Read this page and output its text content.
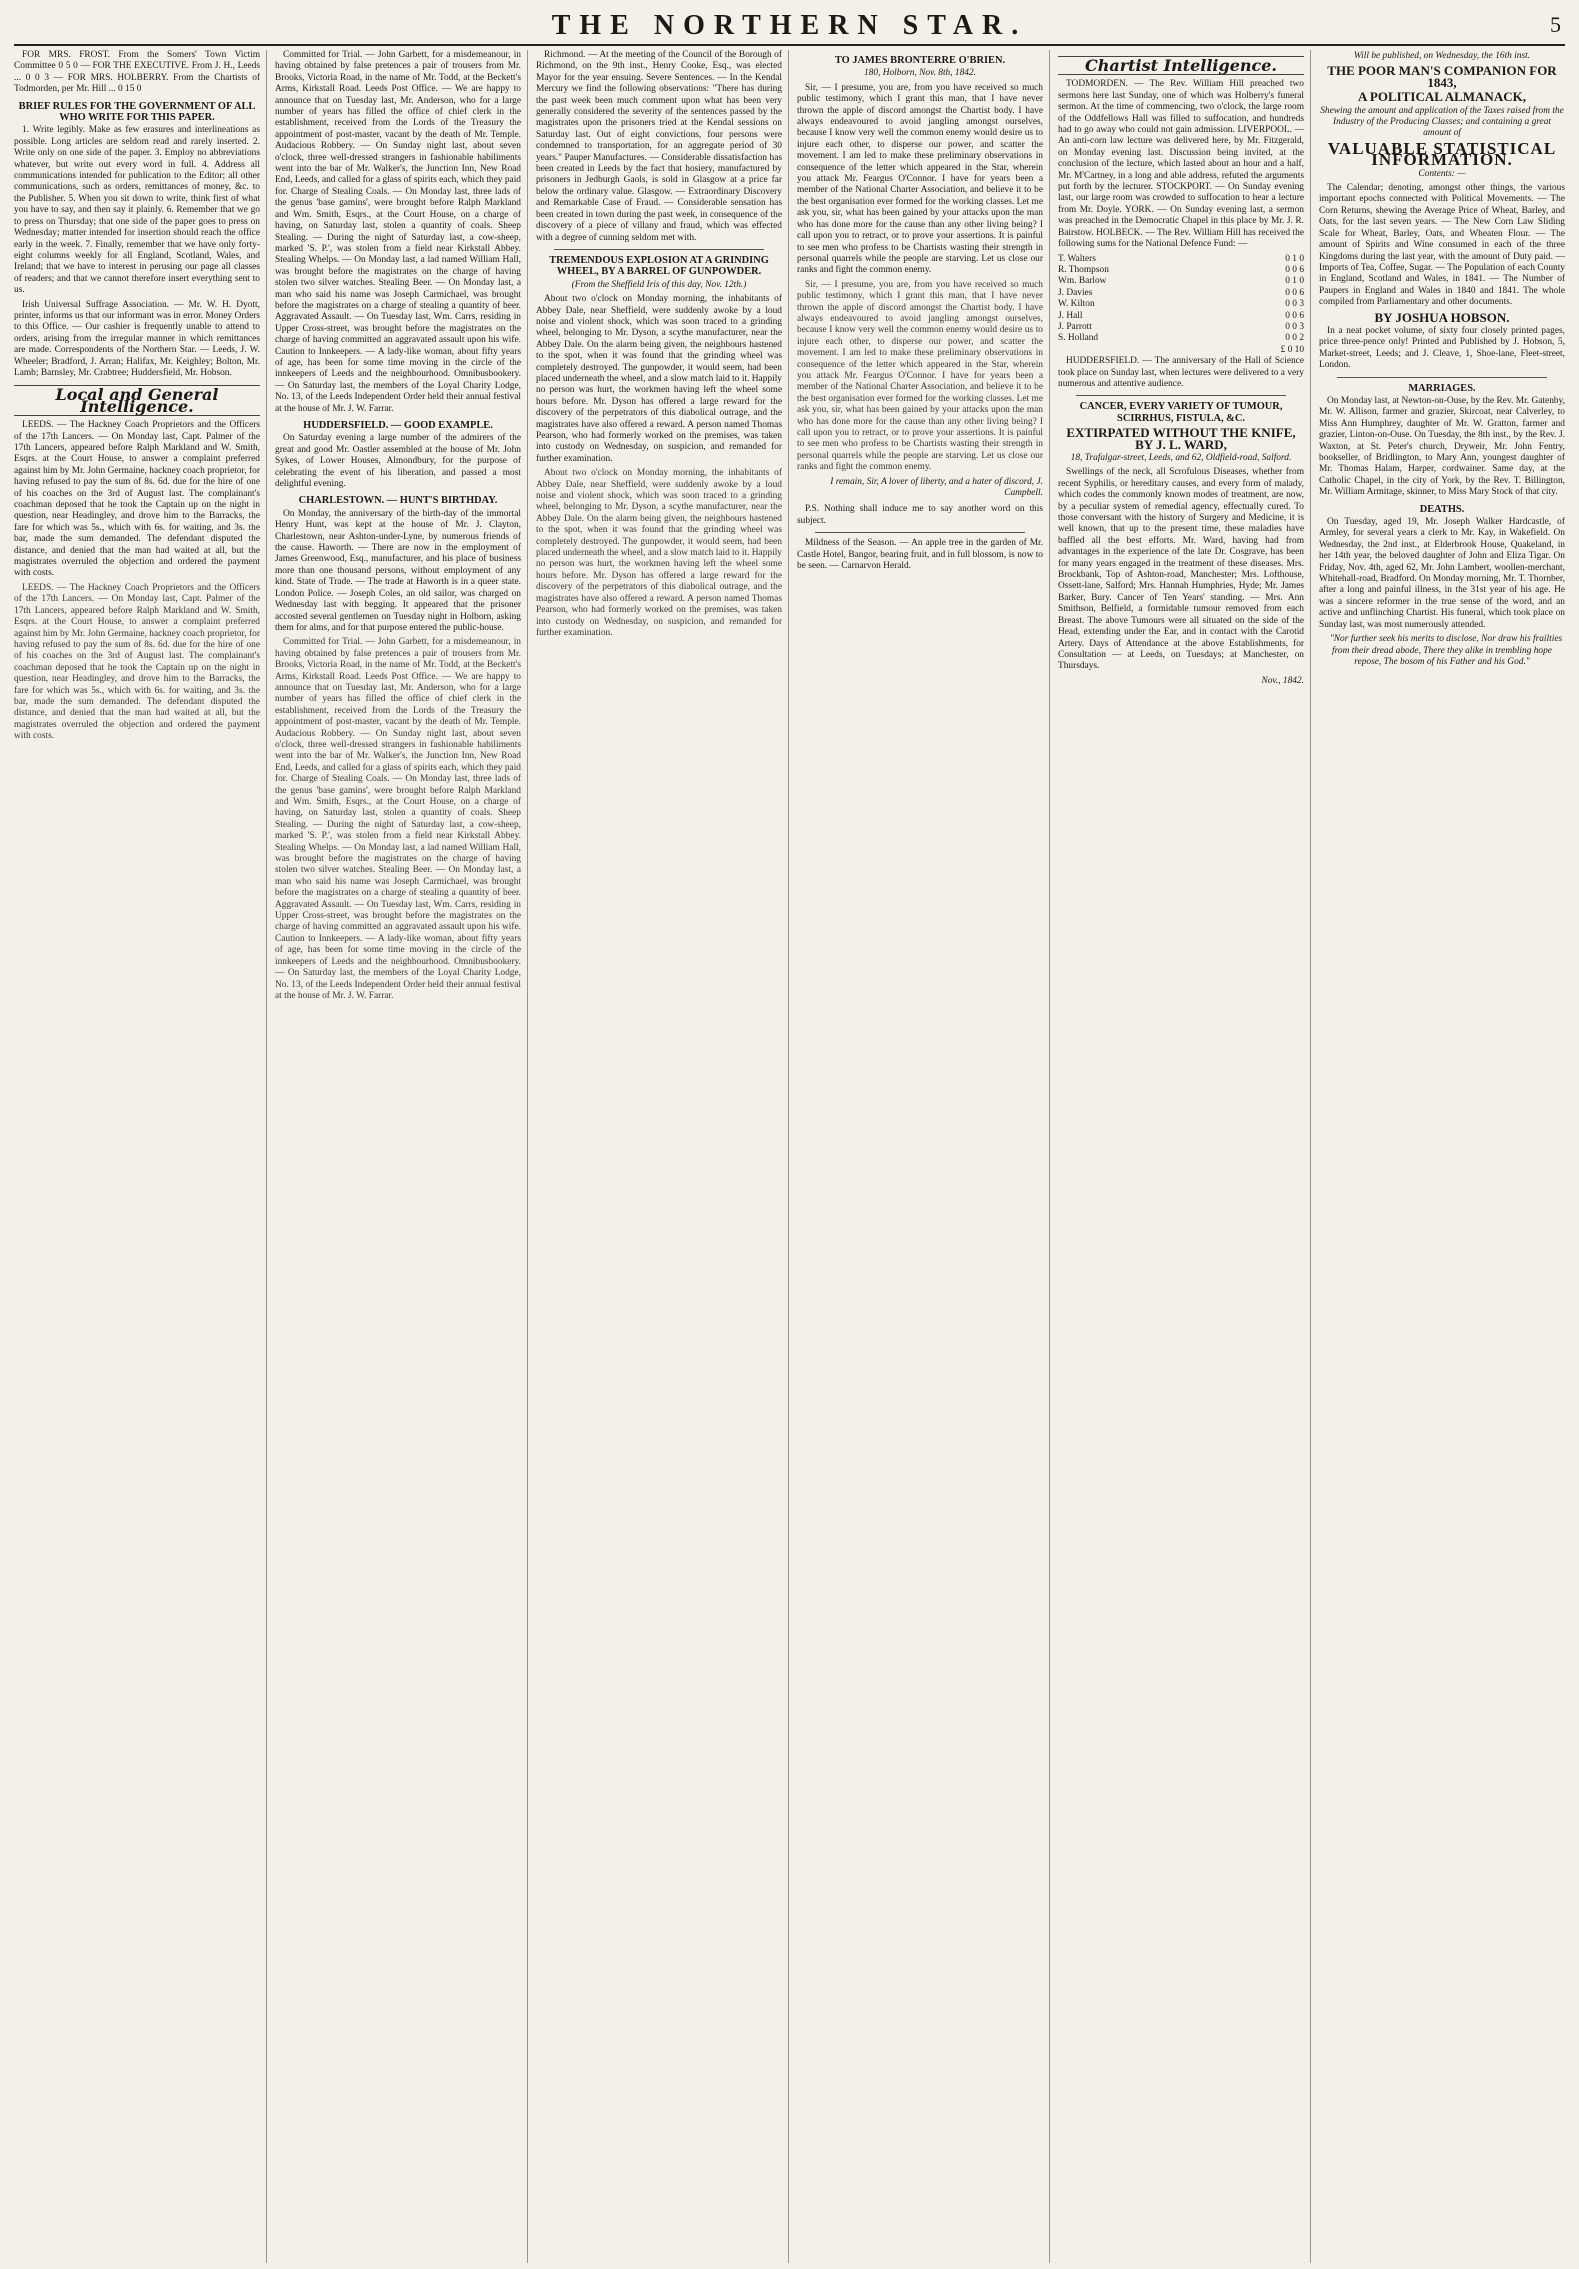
THE NORTHERN STAR.	5

FOR MRS. FROST. From the Somers' Town Victim Committee 0 5 0 — FOR THE EXECUTIVE. From J. H., Leeds ... 0 0 3 — FOR MRS. HOLBERRY. From the Chartists of Todmorden, per Mr. Hill ... 0 15 0

BRIEF RULES FOR THE GOVERNMENT OF ALL WHO WRITE FOR THIS PAPER.

1. Write legibly. Make as few erasures and interlineations as possible. Long articles are seldom read and rarely inserted. 2. Write only on one side of the paper. 3. Employ no abbreviations whatever, but write out every word in full. 4. Address all communications intended for publication to the Editor; all other communications, such as orders, remittances of money, &c. to the Publisher. 5. When you sit down to write, think first of what you have to say, and then say it plainly. 6. Remember that we go to press on Thursday; that one side of the paper goes to press on Wednesday; matter intended for insertion should reach the office early in the week. 7. Finally, remember that we have only forty-eight columns weekly for all England, Scotland, Wales, and Ireland; that we have to interest in perusing our page all classes of readers; and that we cannot therefore insert everything sent to us.

Irish Universal Suffrage Association. — Mr. W. H. Dyott, printer, informs us that our informant was in error. Money Orders to this Office. — Our cashier is frequently unable to attend to orders, arising from the irregular manner in which remittances are made. Correspondents of the Northern Star. — Leeds, J. W. Wheeler; Bradford, J. Arran; Halifax, Mr. Keighley; Bolton, Mr. Lamb; Barnsley, Mr. Crabtree; Huddersfield, Mr. Hobson.

Local and General Intelligence.

LEEDS. — The Hackney Coach Proprietors and the Officers of the 17th Lancers. — On Monday last, Capt. Palmer of the 17th Lancers, appeared before Ralph Markland and W. Smith, Esqrs. at the Court House, to answer a complaint preferred against him by Mr. John Germaine, hackney coach proprietor, for having refused to pay the sum of 8s. 6d. due for the hire of one of his coaches on the 3rd of August last. The complainant's coachman deposed that he took the Captain up on the night in question, near Headingley, and drove him to the Barracks, the fare for which was 5s., which with 6s. for waiting, and 3s. the bar, made the sum demanded. The defendant disputed the distance, and denied that the man had waited at all, but the magistrates overruled the objection and ordered the payment with costs.

LEEDS. — The Hackney Coach Proprietors and the Officers of the 17th Lancers. — On Monday last, Capt. Palmer of the 17th Lancers, appeared before Ralph Markland and W. Smith, Esqrs. at the Court House, to answer a complaint preferred against him by Mr. John Germaine, hackney coach proprietor, for having refused to pay the sum of 8s. 6d. due for the hire of one of his coaches on the 3rd of August last. The complainant's coachman deposed that he took the Captain up on the night in question, near Headingley, and drove him to the Barracks, the fare for which was 5s., which with 6s. for waiting, and 3s. the bar, made the sum demanded. The defendant disputed the distance, and denied that the man had waited at all, but the magistrates overruled the objection and ordered the payment with costs.

Committed for Trial. — John Garbett, for a misdemeanour, in having obtained by false pretences a pair of trousers from Mr. Brooks, Victoria Road, in the name of Mr. Todd, at the Beckett's Arms, Kirkstall Road. Leeds Post Office. — We are happy to announce that on Tuesday last, Mr. Anderson, who for a large number of years has filled the office of chief clerk in the establishment, received from the Lords of the Treasury the appointment of post-master, vacant by the death of Mr. Temple. Audacious Robbery. — On Sunday night last, about seven o'clock, three well-dressed strangers in fashionable habiliments went into the bar of Mr. Walker's, the Junction Inn, New Road End, Leeds, and called for a glass of spirits each, which they paid for. Charge of Stealing Coals. — On Monday last, three lads of the genus 'base gamins', were brought before Ralph Markland and Wm. Smith, Esqrs., at the Court House, on a charge of having, on Saturday last, stolen a quantity of coals. Sheep Stealing. — During the night of Saturday last, a cow-sheep, marked 'S. P.', was stolen from a field near Kirkstall Abbey. Stealing Whelps. — On Monday last, a lad named William Hall, was brought before the magistrates on the charge of having stolen two silver watches. Stealing Beer. — On Monday last, a man who said his name was Joseph Carmichael, was brought before the magistrates on a charge of stealing a quantity of beer. Aggravated Assault. — On Tuesday last, Wm. Carrs, residing in Upper Cross-street, was brought before the magistrates on the charge of having committed an aggravated assault upon his wife. Caution to Innkeepers. — A lady-like woman, about fifty years of age, has been for some time moving in the circle of the innkeepers of Leeds and the neighbourhood. Omnibusbookery. — On Saturday last, the members of the Loyal Charity Lodge, No. 13, of the Leeds Independent Order held their annual festival at the house of Mr. J. W. Farrar.

HUDDERSFIELD. — GOOD EXAMPLE.

On Saturday evening a large number of the admirers of the great and good Mr. Oastler assembled at the house of Mr. John Sykes, of Lower Houses, Almondbury, for the purpose of celebrating the event of his liberation, and passed a most delightful evening.

CHARLESTOWN. — HUNT'S BIRTHDAY.

On Monday, the anniversary of the birth-day of the immortal Henry Hunt, was kept at the house of Mr. J. Clayton, Charlestown, near Ashton-under-Lyne, by numerous friends of the cause. Haworth. — There are now in the employment of James Greenwood, Esq., manufacturer, and his place of business more than one thousand persons, without employment of any kind. State of Trade. — The trade at Haworth is in a queer state. London Police. — Joseph Coles, an old sailor, was charged on Wednesday last with begging. It appeared that the prisoner accosted several gentlemen on Tuesday night in Holborn, asking them for alms, and for that purpose entered the public-house.

Committed for Trial. — John Garbett, for a misdemeanour, in having obtained by false pretences a pair of trousers from Mr. Brooks, Victoria Road, in the name of Mr. Todd, at the Beckett's Arms, Kirkstall Road. Leeds Post Office. — We are happy to announce that on Tuesday last, Mr. Anderson, who for a large number of years has filled the office of chief clerk in the establishment, received from the Lords of the Treasury the appointment of post-master, vacant by the death of Mr. Temple. Audacious Robbery. — On Sunday night last, about seven o'clock, three well-dressed strangers in fashionable habiliments went into the bar of Mr. Walker's, the Junction Inn, New Road End, Leeds, and called for a glass of spirits each, which they paid for. Charge of Stealing Coals. — On Monday last, three lads of the genus 'base gamins', were brought before Ralph Markland and Wm. Smith, Esqrs., at the Court House, on a charge of having, on Saturday last, stolen a quantity of coals. Sheep Stealing. — During the night of Saturday last, a cow-sheep, marked 'S. P.', was stolen from a field near Kirkstall Abbey. Stealing Whelps. — On Monday last, a lad named William Hall, was brought before the magistrates on the charge of having stolen two silver watches. Stealing Beer. — On Monday last, a man who said his name was Joseph Carmichael, was brought before the magistrates on a charge of stealing a quantity of beer. Aggravated Assault. — On Tuesday last, Wm. Carrs, residing in Upper Cross-street, was brought before the magistrates on the charge of having committed an aggravated assault upon his wife. Caution to Innkeepers. — A lady-like woman, about fifty years of age, has been for some time moving in the circle of the innkeepers of Leeds and the neighbourhood. Omnibusbookery. — On Saturday last, the members of the Loyal Charity Lodge, No. 13, of the Leeds Independent Order held their annual festival at the house of Mr. J. W. Farrar.

Richmond. — At the meeting of the Council of the Borough of Richmond, on the 9th inst., Henry Cooke, Esq., was elected Mayor for the year ensuing. Severe Sentences. — In the Kendal Mercury we find the following observations: "There has during the past week been much comment upon what has been very generally considered the severity of the sentences passed by the magistrates upon the prisoners tried at the Kendal sessions on Saturday last. Out of eight convictions, four persons were condemned to transportation, for an aggregate period of 30 years." Pauper Manufactures. — Considerable dissatisfaction has been created in Leeds by the fact that hosiery, manufactured by prisoners in Jedburgh Gaols, is sold in Glasgow at a price far below the ordinary value. Glasgow. — Extraordinary Discovery and Remarkable Case of Fraud. — Considerable sensation has been created in town during the past week, in consequence of the discovery of a piece of villany and fraud, which was effected with a degree of cunning seldom met with.

TREMENDOUS EXPLOSION AT A GRINDING WHEEL, BY A BARREL OF GUNPOWDER.
(From the Sheffield Iris of this day, Nov. 12th.)

About two o'clock on Monday morning, the inhabitants of Abbey Dale, near Sheffield, were suddenly awoke by a loud noise and violent shock, which was soon traced to a grinding wheel, belonging to Mr. Dyson, a scythe manufacturer, near the Abbey Dale. On the alarm being given, the neighbours hastened to the spot, when it was found that the grinding wheel was completely destroyed. The gunpowder, it would seem, had been placed underneath the wheel, and a slow match laid to it. Happily no person was hurt, the workmen having left the wheel some hours before. Mr. Dyson has offered a large reward for the discovery of the perpetrators of this diabolical outrage, and the magistrates have also offered a reward. A person named Thomas Pearson, who had formerly worked on the premises, was taken into custody on Wednesday, on suspicion, and remanded for further examination.

About two o'clock on Monday morning, the inhabitants of Abbey Dale, near Sheffield, were suddenly awoke by a loud noise and violent shock, which was soon traced to a grinding wheel, belonging to Mr. Dyson, a scythe manufacturer, near the Abbey Dale. On the alarm being given, the neighbours hastened to the spot, when it was found that the grinding wheel was completely destroyed. The gunpowder, it would seem, had been placed underneath the wheel, and a slow match laid to it. Happily no person was hurt, the workmen having left the wheel some hours before. Mr. Dyson has offered a large reward for the discovery of the perpetrators of this diabolical outrage, and the magistrates have also offered a reward. A person named Thomas Pearson, who had formerly worked on the premises, was taken into custody on Wednesday, on suspicion, and remanded for further examination.

TO JAMES BRONTERRE O'BRIEN.
180, Holborn, Nov. 8th, 1842.

Sir, — I presume, you are, from you have received so much public testimony, which I grant this man, that I have never thrown the apple of discord amongst the Chartist body. I have always endeavoured to avoid jangling amongst ourselves, because I know very well the common enemy would desire us to injure each other, to disperse our power, and scatter the movement. I am led to make these preliminary observations in consequence of the letter which appeared in the Star, wherein you attack Mr. Feargus O'Connor. I have for years been a member of the National Charter Association, and believe it to be the best organisation ever formed for the working classes. Let me ask you, sir, what has been gained by your attacks upon the man who has done more for the cause than any other living being? I call upon you to retract, or to prove your assertions. It is painful to see men who profess to be Chartists wasting their strength in personal quarrels while the people are starving. Let us close our ranks and fight the common enemy.

Sir, — I presume, you are, from you have received so much public testimony, which I grant this man, that I have never thrown the apple of discord amongst the Chartist body. I have always endeavoured to avoid jangling amongst ourselves, because I know very well the common enemy would desire us to injure each other, to disperse our power, and scatter the movement. I am led to make these preliminary observations in consequence of the letter which appeared in the Star, wherein you attack Mr. Feargus O'Connor. I have for years been a member of the National Charter Association, and believe it to be the best organisation ever formed for the working classes. Let me ask you, sir, what has been gained by your attacks upon the man who has done more for the cause than any other living being? I call upon you to retract, or to prove your assertions. It is painful to see men who profess to be Chartists wasting their strength in personal quarrels while the people are starving. Let us close our ranks and fight the common enemy.

I remain, Sir, A lover of liberty, and a hater of discord, J. Campbell.

P.S. Nothing shall induce me to say another word on this subject.

Mildness of the Season. — An apple tree in the garden of Mr. Castle Hotel, Bangor, bearing fruit, and in full blossom, is now to be seen. — Carnarvon Herald.

Chartist Intelligence.

TODMORDEN. — The Rev. William Hill preached two sermons here last Sunday, one of which was Holberry's funeral sermon. At the time of commencing, two o'clock, the large room of the Oddfellows Hall was filled to suffocation, and hundreds had to go away who could not gain admission. LIVERPOOL. — An anti-corn law lecture was delivered here, by Mr. Fitzgerald, on Monday evening last. Discussion being invited, at the conclusion of the lecture, which lasted about an hour and a half, Mr. M'Cartney, in a long and able address, refuted the arguments put forth by the lecturer. STOCKPORT. — On Sunday evening last, our large room was crowded to suffocation to hear a lecture from Mr. Doyle. YORK. — On Sunday evening last, a sermon was preached in the Democratic Chapel in this place by Mr. J. R. Bairstow. HOLBECK. — The Rev. William Hill has received the following sums for the National Defence Fund: —

T. Walters	0 1 0
R. Thompson	0 0 6
Wm. Barlow	0 1 0
J. Davies	0 0 6
W. Kilton	0 0 3
J. Hall	0 0 6
J. Parrott	0 0 3
S. Holland	0 0 2
£ 0 10

HUDDERSFIELD. — The anniversary of the Hall of Science took place on Sunday last, when lectures were delivered to a very numerous and attentive audience.

CANCER, EVERY VARIETY OF TUMOUR, SCIRRHUS, FISTULA, &C.
EXTIRPATED WITHOUT THE KNIFE, BY J. L. WARD,
18, Trafalgar-street, Leeds, and 62, Oldfield-road, Salford.

Swellings of the neck, all Scrofulous Diseases, whether from recent Syphilis, or hereditary causes, and every form of malady, which codes the commonly known modes of treatment, are now, by a peculiar system of remedial agency, effectually cured. To those conversant with the history of Surgery and Medicine, it is well known, that up to the present time, these maladies have baffled all the best efforts. Mr. Ward, having had from advantages in the experience of the late Dr. Cosgrave, has been for many years engaged in the treatment of these diseases. Mrs. Brockbank, Top of Ashton-road, Manchester; Mrs. Lofthouse, Ossett-lane, Salford; Mrs. Hannah Humphries, Hyde; Mr. James Barker, Bury. Cancer of Ten Years' standing. — Mrs. Ann Smithson, Belfield, a formidable tumour removed from each Breast. The above Tumours were all situated on the side of the Head, extending under the Ear, and in contact with the Carotid Artery. Days of Attendance at the above Establishments, for Consultation — at Leeds, on Tuesdays; at Manchester, on Thursdays.

Nov., 1842.
Will be published, on Wednesday, the 16th inst.
THE POOR MAN'S COMPANION FOR 1843,
A POLITICAL ALMANACK,
Shewing the amount and application of the Taxes raised from the Industry of the Producing Classes; and containing a great amount of
VALUABLE STATISTICAL INFORMATION.
Contents: —

The Calendar; denoting, amongst other things, the various important epochs connected with Political Movements. — The Corn Returns, shewing the Average Price of Wheat, Barley, and Oats, for the last seven years. — The New Corn Law Sliding Scale for Wheat, Barley, Oats, and Wheaten Flour. — The amount of Spirits and Wine consumed in each of the three Kingdoms during the last year, with the amount of Duty paid. — Imports of Tea, Coffee, Sugar. — The Population of each County in England, Scotland and Wales, in 1841. — The Number of Paupers in England and Wales in 1840 and 1841. The whole compiled from Parliamentary and other documents.

BY JOSHUA HOBSON.

In a neat pocket volume, of sixty four closely printed pages, price three-pence only! Printed and Published by J. Hobson, 5, Market-street, Leeds; and J. Cleave, 1, Shoe-lane, Fleet-street, London.

MARRIAGES.

On Monday last, at Newton-on-Ouse, by the Rev. Mr. Gatenby, Mr. W. Allison, farmer and grazier, Skircoat, near Calverley, to Miss Ann Humphrey, daughter of Mr. W. Gratton, farmer and grazier, Linton-on-Ouse. On Tuesday, the 8th inst., by the Rev. J. Waxton, at St. Peter's church, Dryweir, Mr. John Fentry, bookseller, of Bridlington, to Mary Ann, youngest daughter of Mr. Thomas Halam, Harper, cordwainer. Same day, at the Catholic Chapel, in the city of York, by the Rev. T. Billington, Mr. William Armitage, skinner, to Miss Mary Stock of that city.

DEATHS.

On Tuesday, aged 19, Mr. Joseph Walker Hardcastle, of Armley, for several years a clerk to Mr. Kay, in Wakefield. On Wednesday, the 2nd inst., at Elderbrook House, Quakeland, in her 14th year, the beloved daughter of John and Eliza Tigar. On Friday, Nov. 4th, aged 62, Mr. John Lambert, woollen-merchant, Whitehall-road, Bradford. On Monday morning, Mr. T. Thornber, after a long and painful illness, in the 31st year of his age. He was a sincere reformer in the true sense of the word, and an active and unflinching Chartist. His funeral, which took place on Sunday last, was most numerously attended.

"Nor further seek his merits to disclose, Nor draw his frailties from their dread abode, There they alike in trembling hope repose, The bosom of his Father and his God."
